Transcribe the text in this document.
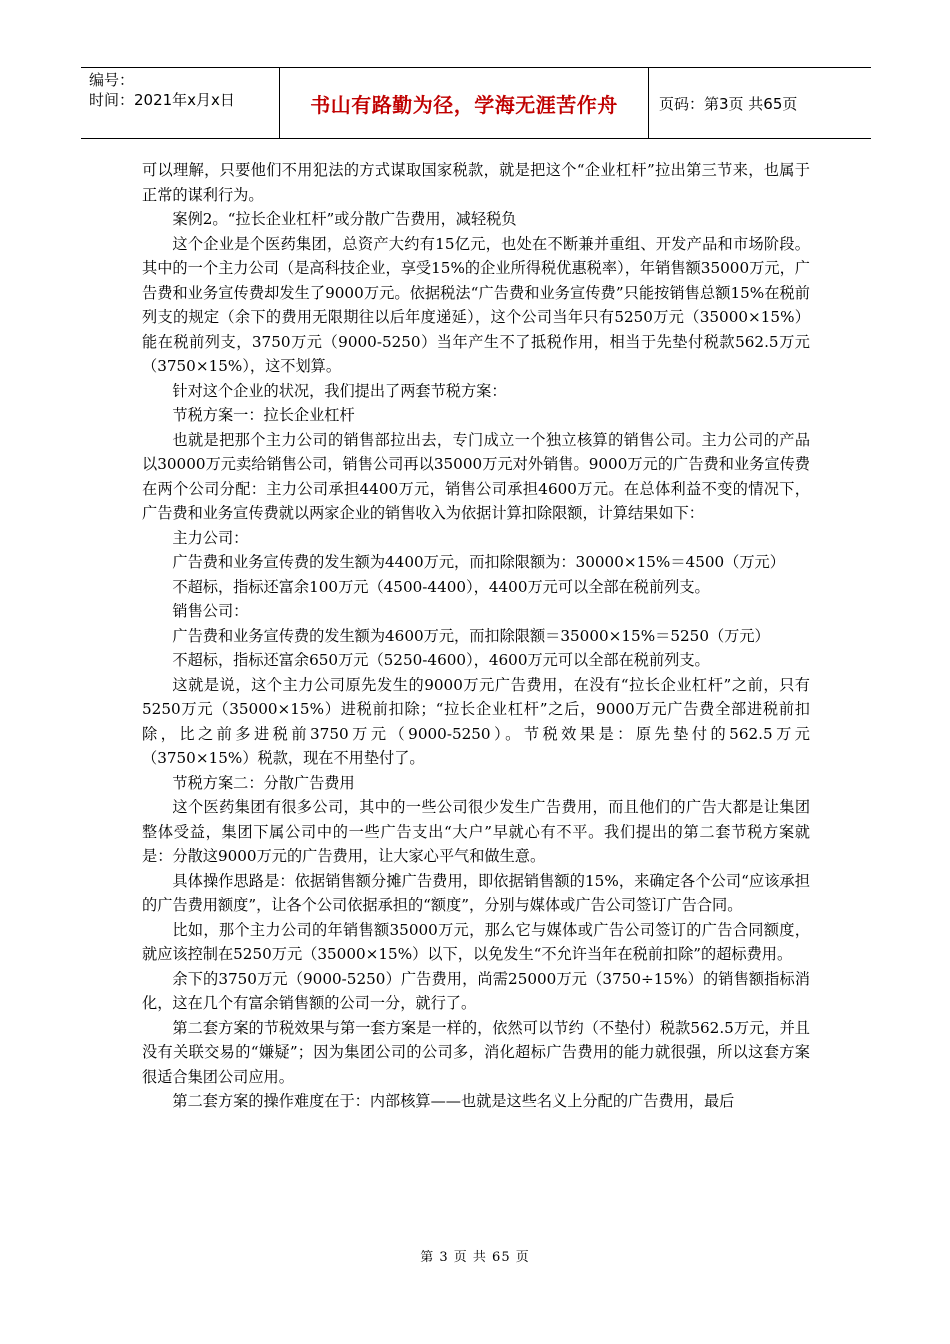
编号：
时间：2021年x月x日	书山有路勤为径，学海无涯苦作舟	页码：第3页 共65页

可以理解，只要他们不用犯法的方式谋取国家税款，就是把这个“企业杠杆”拉出第三节来，也属于正常的谋利行为。

案例2。“拉长企业杠杆”或分散广告费用，减轻税负

这个企业是个医药集团，总资产大约有15亿元，也处在不断兼并重组、开发产品和市场阶段。其中的一个主力公司（是高科技企业，享受15%的企业所得税优惠税率），年销售额35000万元，广告费和业务宣传费却发生了9000万元。依据税法“广告费和业务宣传费”只能按销售总额15%在税前列支的规定（余下的费用无限期往以后年度递延），这个公司当年只有5250万元（35000×15%）能在税前列支，3750万元（9000-5250）当年产生不了抵税作用，相当于先垫付税款562.5万元（3750×15%），这不划算。

针对这个企业的状况，我们提出了两套节税方案：

节税方案一：拉长企业杠杆

也就是把那个主力公司的销售部拉出去，专门成立一个独立核算的销售公司。主力公司的产品以30000万元卖给销售公司，销售公司再以35000万元对外销售。9000万元的广告费和业务宣传费在两个公司分配：主力公司承担4400万元，销售公司承担4600万元。在总体利益不变的情况下，广告费和业务宣传费就以两家企业的销售收入为依据计算扣除限额，计算结果如下：

主力公司：

广告费和业务宣传费的发生额为4400万元，而扣除限额为：30000×15%＝4500（万元）

不超标，指标还富余100万元（4500-4400），4400万元可以全部在税前列支。

销售公司：

广告费和业务宣传费的发生额为4600万元，而扣除限额＝35000×15%＝5250（万元）

不超标，指标还富余650万元（5250-4600），4600万元可以全部在税前列支。

这就是说，这个主力公司原先发生的9000万元广告费用，在没有“拉长企业杠杆”之前，只有5250万元（35000×15%）进税前扣除；“拉长企业杠杆”之后，9000万元广告费全部进税前扣除，比之前多进税前3750万元（9000-5250）。节税效果是：原先垫付的562.5万元（3750×15%）税款，现在不用垫付了。

节税方案二：分散广告费用

这个医药集团有很多公司，其中的一些公司很少发生广告费用，而且他们的广告大都是让集团整体受益，集团下属公司中的一些广告支出“大户”早就心有不平。我们提出的第二套节税方案就是：分散这9000万元的广告费用，让大家心平气和做生意。

具体操作思路是：依据销售额分摊广告费用，即依据销售额的15%，来确定各个公司“应该承担的广告费用额度”，让各个公司依据承担的“额度”，分别与媒体或广告公司签订广告合同。

比如，那个主力公司的年销售额35000万元，那么它与媒体或广告公司签订的广告合同额度，就应该控制在5250万元（35000×15%）以下，以免发生“不允许当年在税前扣除”的超标费用。

余下的3750万元（9000-5250）广告费用，尚需25000万元（3750÷15%）的销售额指标消化，这在几个有富余销售额的公司一分，就行了。

第二套方案的节税效果与第一套方案是一样的，依然可以节约（不垫付）税款562.5万元，并且没有关联交易的“嫌疑”；因为集团公司的公司多，消化超标广告费用的能力就很强，所以这套方案很适合集团公司应用。

第二套方案的操作难度在于：内部核算——也就是这些名义上分配的广告费用，最后

第 3 页 共 65 页
